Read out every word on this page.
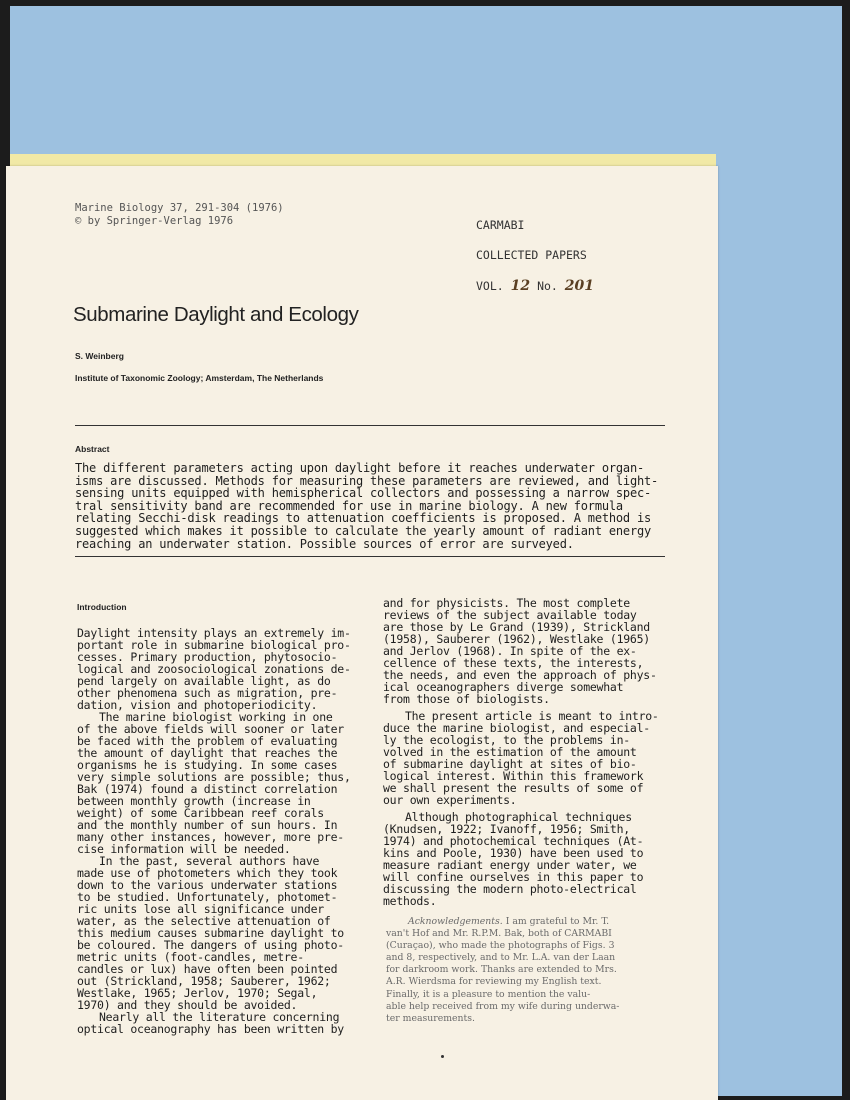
Marine Biology 37, 291-304 (1976)
© by Springer-Verlag 1976	CARMABI
COLLECTED PAPERS
VOL. 12 No. 201
Submarine Daylight and Ecology
S. Weinberg
Institute of Taxonomic Zoology; Amsterdam, The Netherlands
Abstract
The different parameters acting upon daylight before it reaches underwater organ-
isms are discussed. Methods for measuring these parameters are reviewed, and light-
sensing units equipped with hemispherical collectors and possessing a narrow spec-
tral sensitivity band are recommended for use in marine biology. A new formula
relating Secchi-disk readings to attenuation coefficients is proposed. A method is
suggested which makes it possible to calculate the yearly amount of radiant energy
reaching an underwater station. Possible sources of error are surveyed.
Introduction
Daylight intensity plays an extremely im-
portant role in submarine biological pro-
cesses. Primary production, phytosocio-
logical and zoosociological zonations de-
pend largely on available light, as do
other phenomena such as migration, pre-
dation, vision and photoperiodicity.
The marine biologist working in one
of the above fields will sooner or later
be faced with the problem of evaluating
the amount of daylight that reaches the
organisms he is studying. In some cases
very simple solutions are possible; thus,
Bak (1974) found a distinct correlation
between monthly growth (increase in
weight) of some Caribbean reef corals
and the monthly number of sun hours. In
many other instances, however, more pre-
cise information will be needed.
In the past, several authors have
made use of photometers which they took
down to the various underwater stations
to be studied. Unfortunately, photomet-
ric units lose all significance under
water, as the selective attenuation of
this medium causes submarine daylight to
be coloured. The dangers of using photo-
metric units (foot-candles, metre-
candles or lux) have often been pointed
out (Strickland, 1958; Sauberer, 1962;
Westlake, 1965; Jerlov, 1970; Segal,
1970) and they should be avoided.
Nearly all the literature concerning
optical oceanography has been written by
and for physicists. The most complete
reviews of the subject available today
are those by Le Grand (1939), Strickland
(1958), Sauberer (1962), Westlake (1965)
and Jerlov (1968). In spite of the ex-
cellence of these texts, the interests,
the needs, and even the approach of phys-
ical oceanographers diverge somewhat
from those of biologists.
The present article is meant to intro-
duce the marine biologist, and especial-
ly the ecologist, to the problems in-
volved in the estimation of the amount
of submarine daylight at sites of bio-
logical interest. Within this framework
we shall present the results of some of
our own experiments.
Although photographical techniques
(Knudsen, 1922; Ivanoff, 1956; Smith,
1974) and photochemical techniques (At-
kins and Poole, 1930) have been used to
measure radiant energy under water, we
will confine ourselves in this paper to
discussing the modern photo-electrical
methods.
Acknowledgements. I am grateful to Mr. T.
van't Hof and Mr. R.P.M. Bak, both of CARMABI
(Curaçao), who made the photographs of Figs. 3
and 8, respectively, and to Mr. L.A. van der Laan
for darkroom work. Thanks are extended to Mrs.
A.R. Wierdsma for reviewing my English text.
Finally, it is a pleasure to mention the valu-
able help received from my wife during underwa-
ter measurements.
